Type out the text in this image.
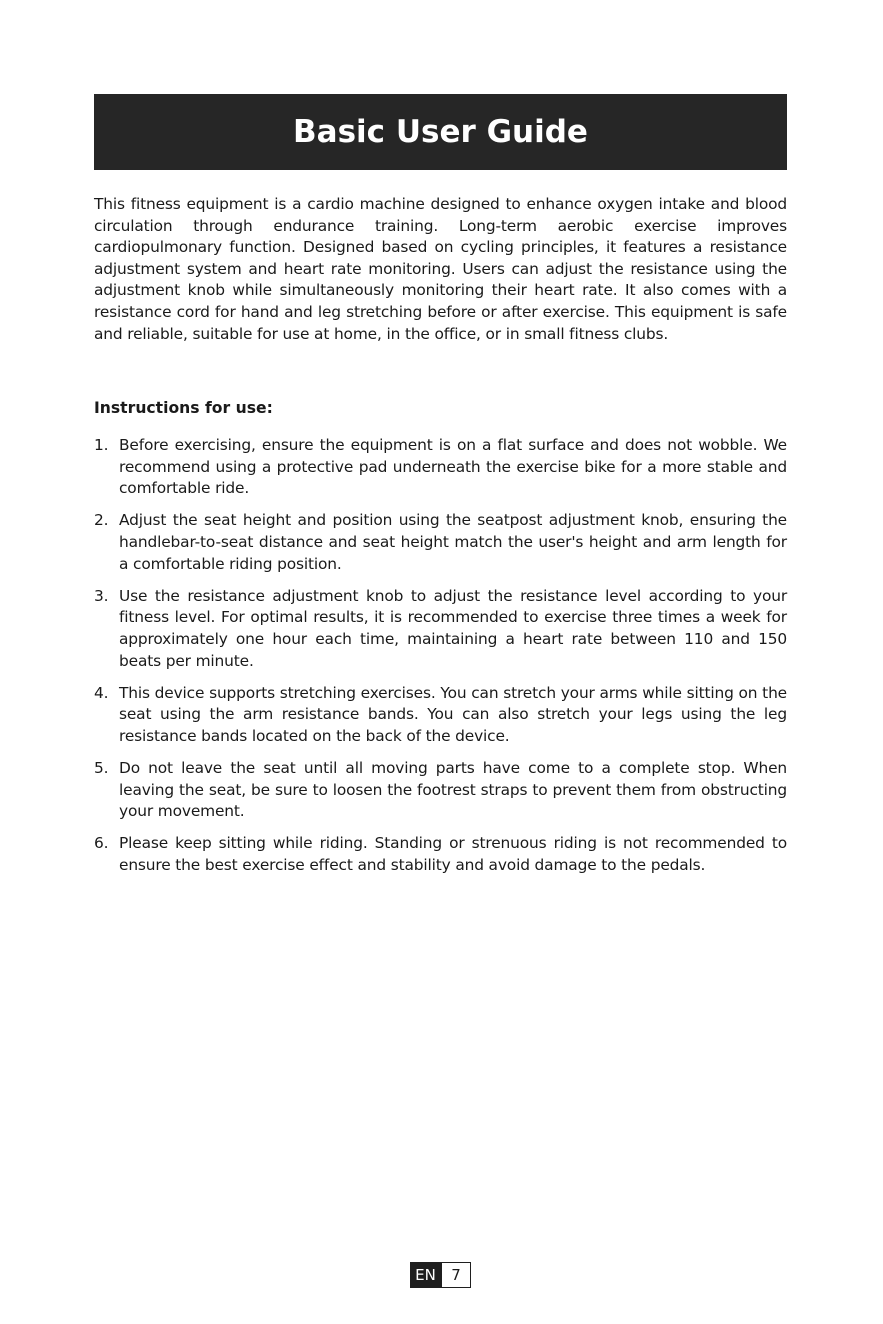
Basic User Guide

This fitness equipment is a cardio machine designed to enhance oxygen intake and blood circulation through endurance training. Long-term aerobic exercise improves cardiopulmonary function. Designed based on cycling principles, it features a resistance adjustment system and heart rate monitoring. Users can adjust the resistance using the adjustment knob while simultaneously monitoring their heart rate. It also comes with a resistance cord for hand and leg stretching before or after exercise. This equipment is safe and reliable, suitable for use at home, in the office, or in small fitness clubs.

Instructions for use:
1. Before exercising, ensure the equipment is on a flat surface and does not wobble. We recommend using a protective pad underneath the exercise bike for a more stable and comfortable ride.
2. Adjust the seat height and position using the seatpost adjustment knob, ensuring the handlebar-to-seat distance and seat height match the user's height and arm length for a comfortable riding position.
3. Use the resistance adjustment knob to adjust the resistance level according to your fitness level. For optimal results, it is recommended to exercise three times a week for approximately one hour each time, maintaining a heart rate between 110 and 150 beats per minute.
4. This device supports stretching exercises. You can stretch your arms while sitting on the seat using the arm resistance bands. You can also stretch your legs using the leg resistance bands located on the back of the device.
5. Do not leave the seat until all moving parts have come to a complete stop. When leaving the seat, be sure to loosen the footrest straps to prevent them from obstructing your movement.
6. Please keep sitting while riding. Standing or strenuous riding is not recommended to ensure the best exercise effect and stability and avoid damage to the pedals.
EN	7
